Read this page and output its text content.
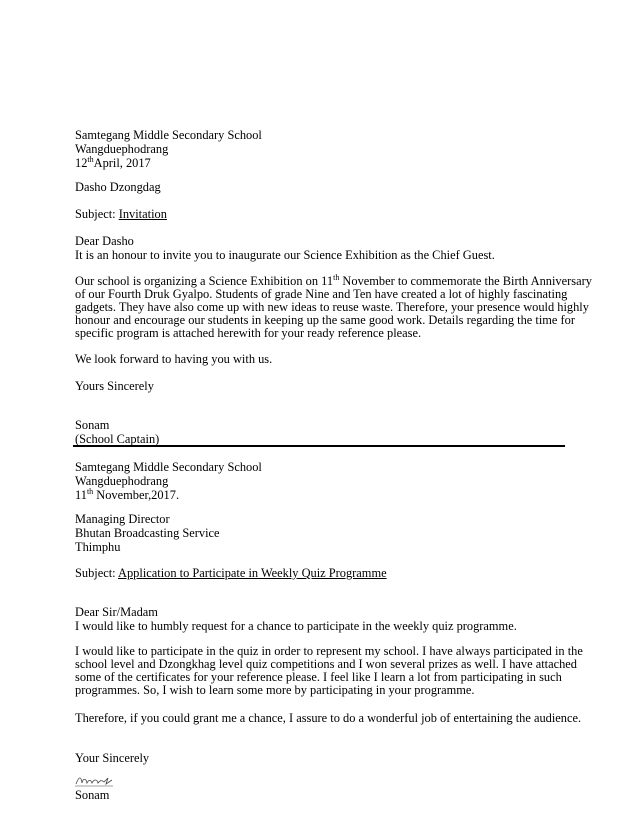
Samtegang Middle Secondary School
Wangduephodrang
12thApril, 2017
Dasho Dzongdag
Subject: Invitation
Dear Dasho
It is an honour to invite you to inaugurate our Science Exhibition as the Chief Guest.
Our school is organizing a Science Exhibition on 11th November to commemorate the Birth Anniversary
of our Fourth Druk Gyalpo. Students of grade Nine and Ten have created a lot of highly fascinating
gadgets. They have also come up with new ideas to reuse waste. Therefore, your presence would highly
honour and encourage our students in keeping up the same good work. Details regarding the time for
specific program is attached herewith for your ready reference please.
We look forward to having you with us.
Yours Sincerely
Sonam
(School Captain)
Samtegang Middle Secondary School
Wangduephodrang
11th November,2017.
Managing Director
Bhutan Broadcasting Service
Thimphu
Subject: Application to Participate in Weekly Quiz Programme
Dear Sir/Madam
I would like to humbly request for a chance to participate in the weekly quiz programme.
I would like to participate in the quiz in order to represent my school. I have always participated in the
school level and Dzongkhag level quiz competitions and I won several prizes as well. I have attached
some of the certificates for your reference please. I feel like I learn a lot from participating in such
programmes. So, I wish to learn some more by participating in your programme.
Therefore, if you could grant me a chance, I assure to do a wonderful job of entertaining the audience.
Your Sincerely
Sonam
